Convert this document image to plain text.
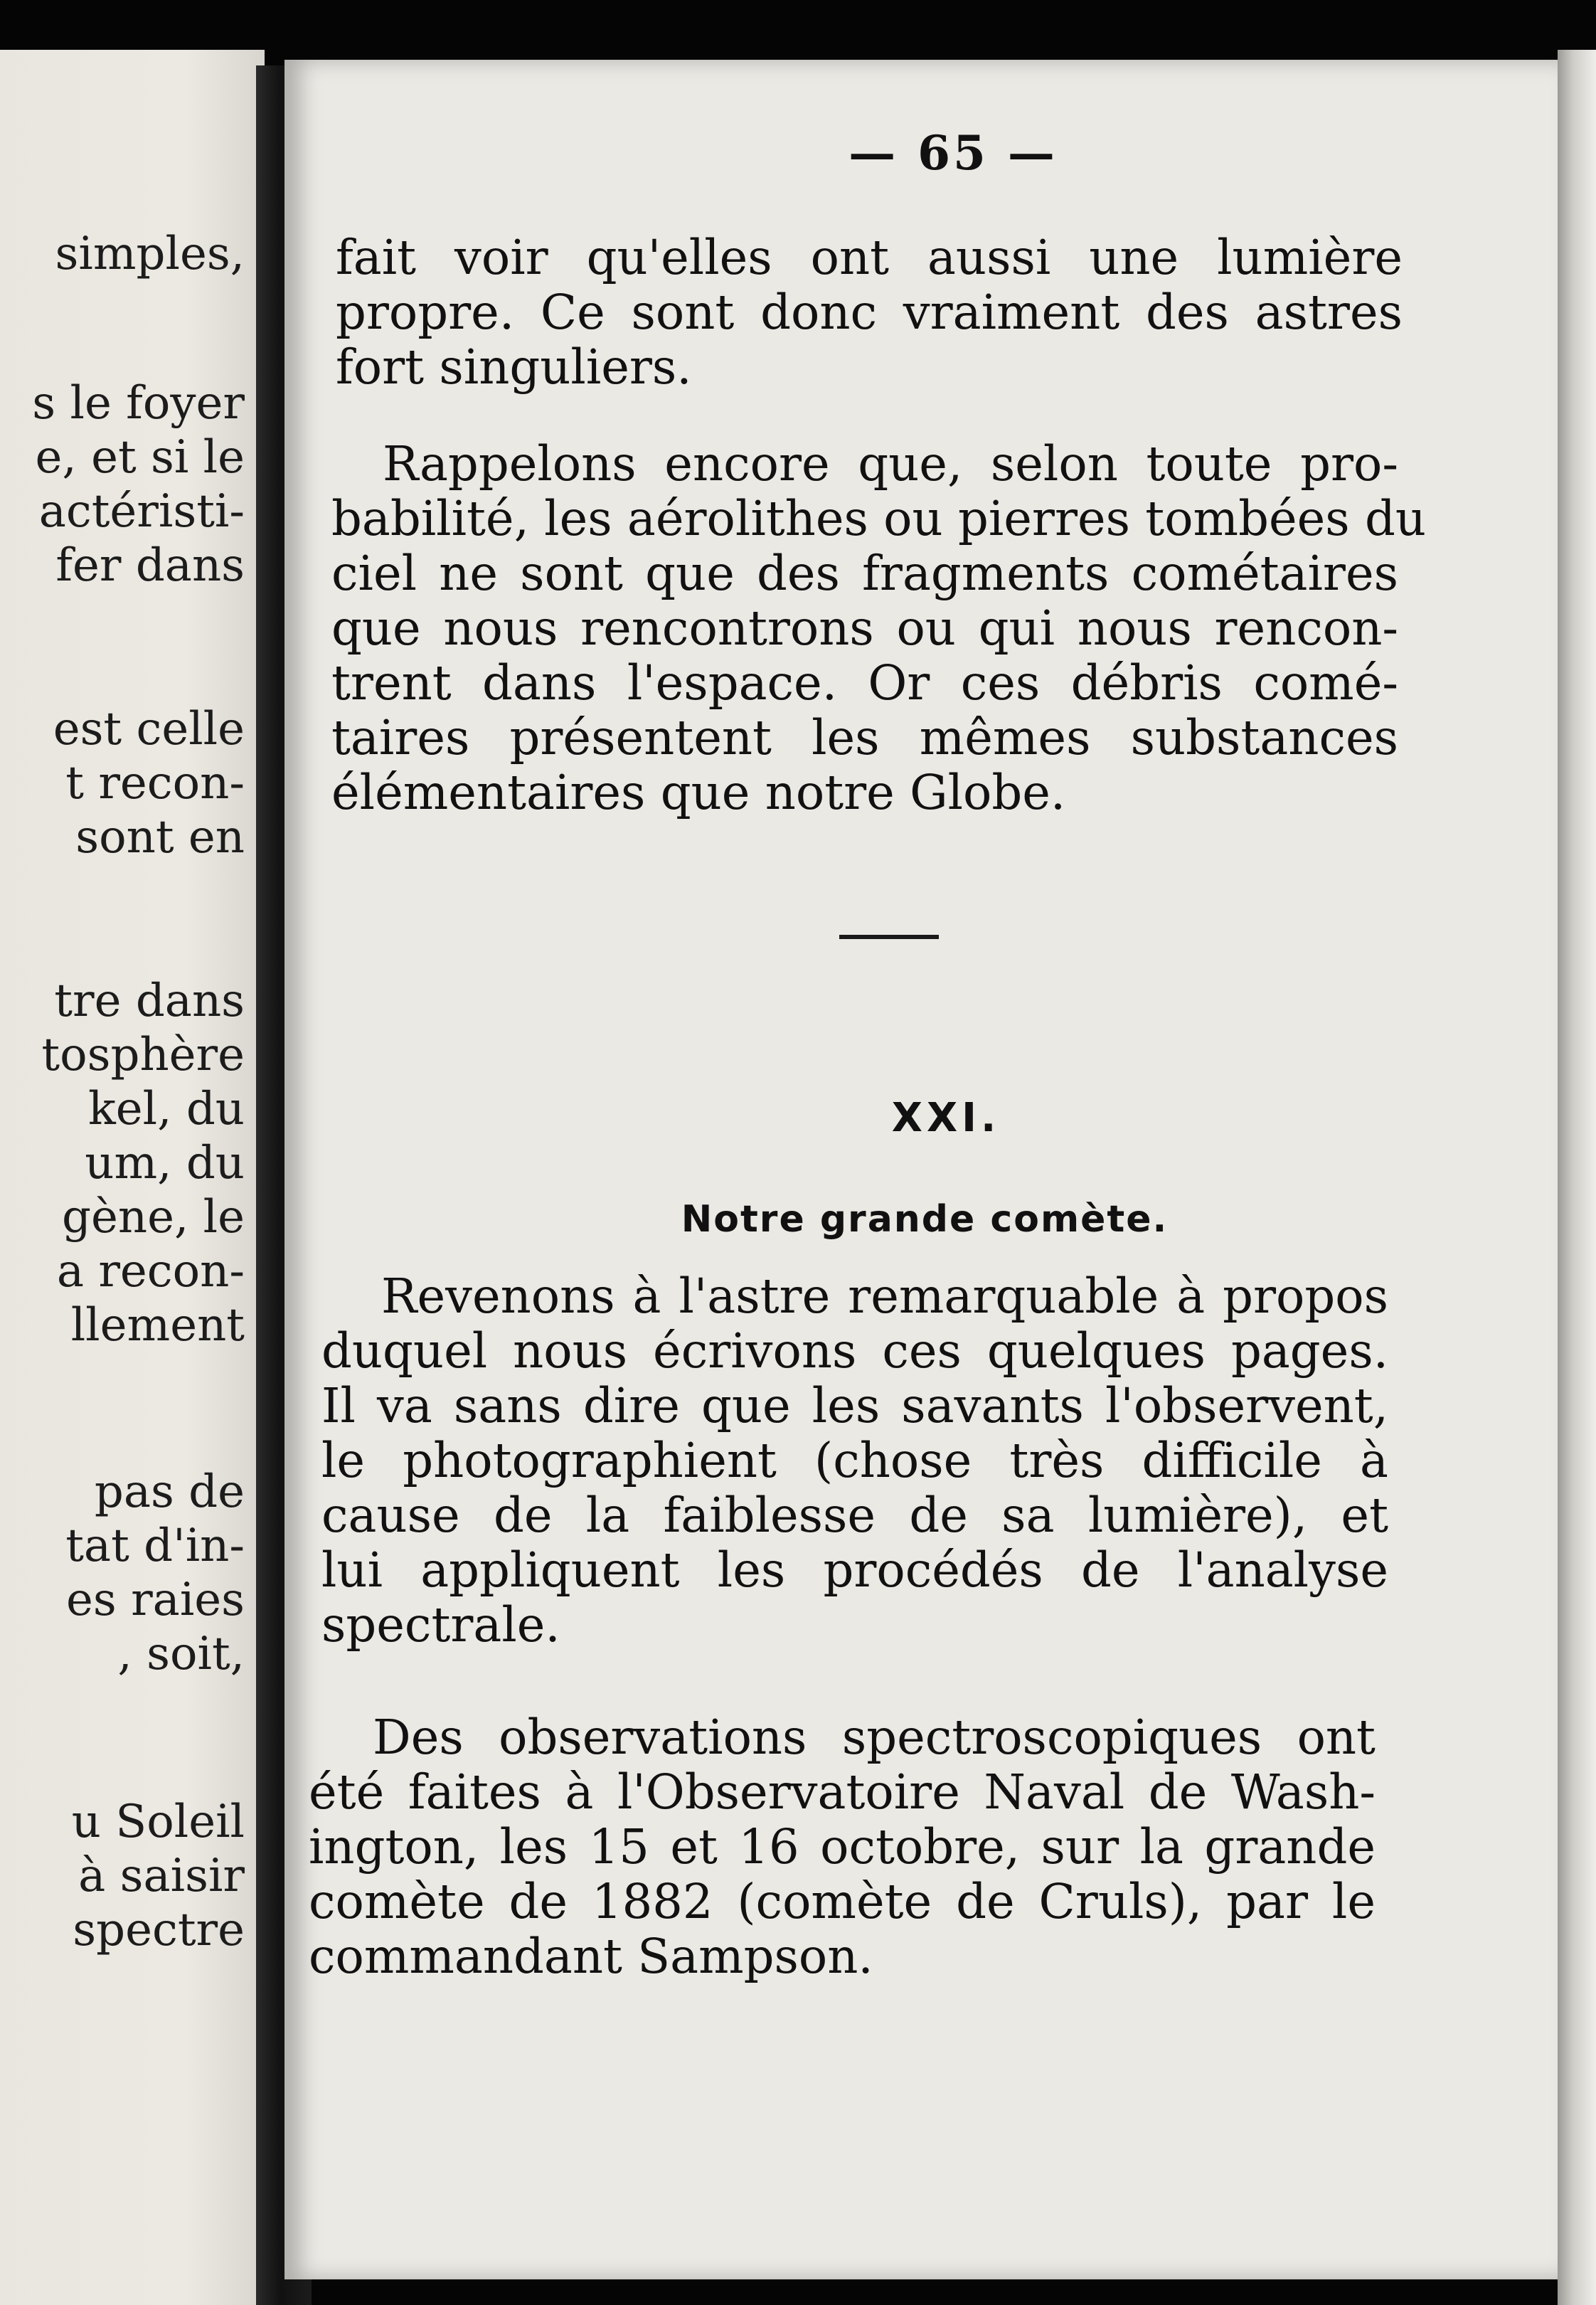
simples,
s le foyer
e, et si le
actéristi-
fer dans
est celle
t recon-
sont en
tre dans
tosphère
kel, du
um, du
gène, le
a recon-
llement
pas de
tat d'in-
es raies
, soit,
u Soleil
à saisir
spectre
— 65 —
fait voir qu'elles ont aussi une lumière
propre. Ce sont donc vraiment des astres
fort singuliers.
Rappelons encore que, selon toute pro-
babilité, les aérolithes ou pierres tombées du
ciel ne sont que des fragments cométaires
que nous rencontrons ou qui nous rencon-
trent dans l'espace. Or ces débris comé-
taires présentent les mêmes substances
élémentaires que notre Globe.
XXI.
Notre grande comète.
Revenons à l'astre remarquable à propos
duquel nous écrivons ces quelques pages.
Il va sans dire que les savants l'observent,
le photographient (chose très difficile à
cause de la faiblesse de sa lumière), et
lui appliquent les procédés de l'analyse
spectrale.
Des observations spectroscopiques ont
été faites à l'Observatoire Naval de Wash-
ington, les 15 et 16 octobre, sur la grande
comète de 1882 (comète de Cruls), par le
commandant Sampson.
